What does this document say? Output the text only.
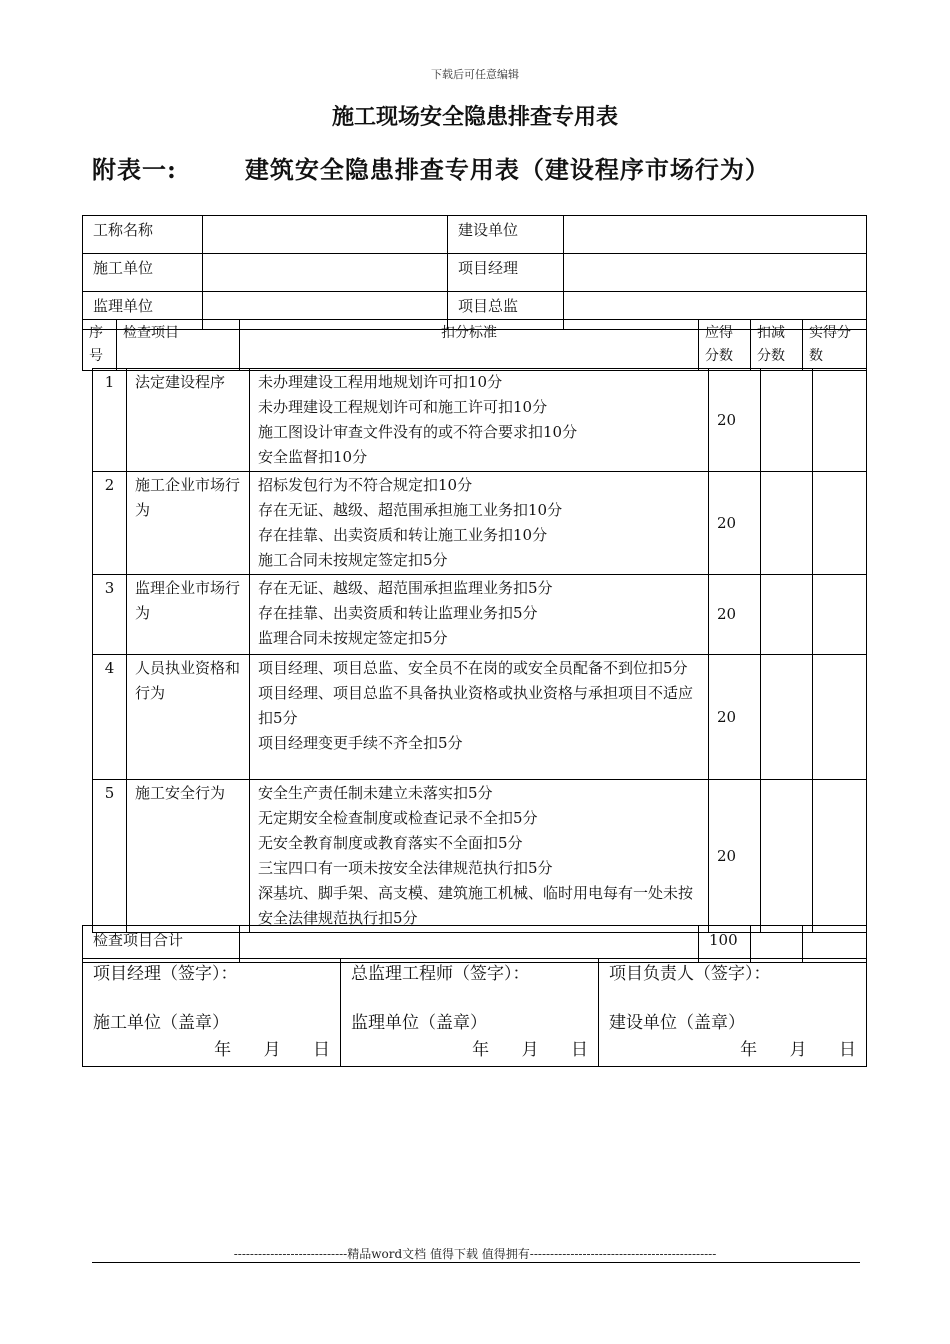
下载后可任意编辑
施工现场安全隐患排查专用表
附表一:	建筑安全隐患排查专用表（建设程序市场行为）
工称名称		建设单位	
施工单位		项目经理	
监理单位		项目总监	
序号	检查项目	扣分标准	应得分数	扣减分数	实得分数
1	法定建设程序	未办理建设工程用地规划许可扣10分
未办理建设工程规划许可和施工许可扣10分
施工图设计审查文件没有的或不符合要求扣10分
安全监督扣10分	20		
2	施工企业市场行为	招标发包行为不符合规定扣10分
存在无证、越级、超范围承担施工业务扣10分
存在挂靠、出卖资质和转让施工业务扣10分
施工合同未按规定签定扣5分	20		
3	监理企业市场行为	存在无证、越级、超范围承担监理业务扣5分
存在挂靠、出卖资质和转让监理业务扣5分
监理合同未按规定签定扣5分	20		
4	人员执业资格和行为	项目经理、项目总监、安全员不在岗的或安全员配备不到位扣5分
项目经理、项目总监不具备执业资格或执业资格与承担项目不适应扣5分
项目经理变更手续不齐全扣5分	20		
5	施工安全行为	安全生产责任制未建立未落实扣5分
无定期安全检查制度或检查记录不全扣5分
无安全教育制度或教育落实不全面扣5分
三宝四口有一项未按安全法律规范执行扣5分
深基坑、脚手架、高支模、建筑施工机械、临时用电每有一处未按安全法律规范执行扣5分	20		
检查项目合计		100		
项目经理（签字）：
施工单位（盖章）
年      月      日

总监理工程师（签字）：
监理单位（盖章）
年      月      日

项目负责人（签字）：
建设单位（盖章）
年      月      日
----------------------------精品word文档 值得下载 值得拥有----------------------------------------------
